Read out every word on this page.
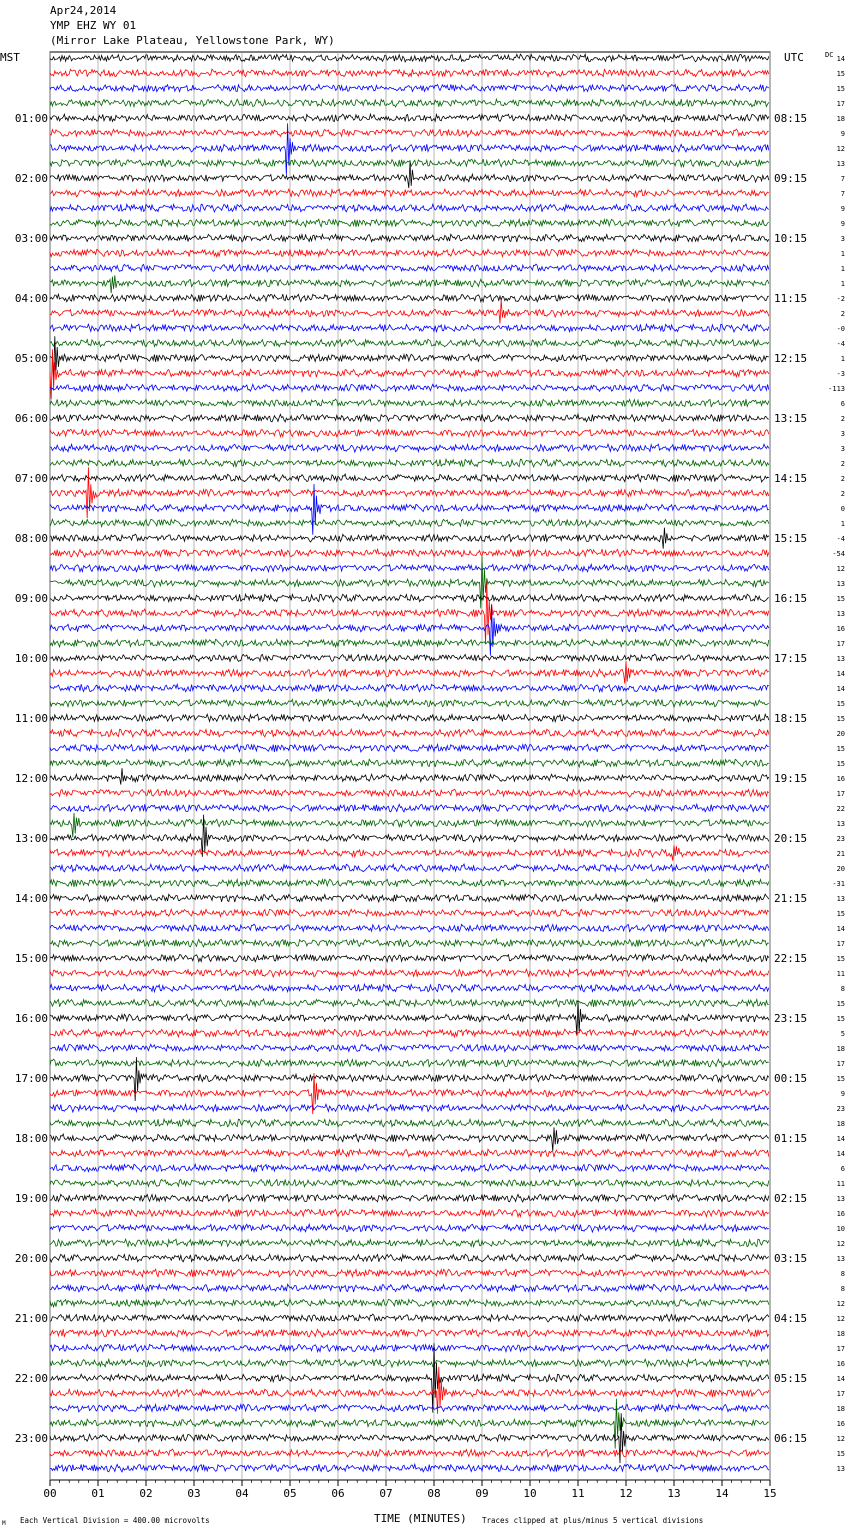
00	01	02	03	04	05	06	07	08	09	10	11	12	13	14	15
14
15
15
17
18
9
12
13
7
7
9
9
3
1
1
1
-2
2
-0
-4
1
-3
-113
6
2
3
3
2
2
2
0
1
-4
-54
12
13
15
13
16
17
13
14
14
15
15
20
15
15
16
17
22
13
23
21
20
-31
13
15
14
17
15
11
8
15
15
5
18
17
15
9
23
18
14
14
6
11
13
16
10
12
13
8
8
12
12
18
17
16
14
17
18
16
12
15
13
01:00	08:15
02:00	09:15
03:00	10:15
04:00	11:15
05:00	12:15
06:00	13:15
07:00	14:15
08:00	15:15
09:00	16:15
10:00	17:15
11:00	18:15
12:00	19:15
13:00	20:15
14:00	21:15
15:00	22:15
16:00	23:15
17:00	00:15
18:00	01:15
19:00	02:15
20:00	03:15
21:00	04:15
22:00	05:15
23:00	06:15
MST	UTC	DC
TIME (MINUTES)
Each Vertical Division = 400.00 microvolts	Traces clipped at plus/minus 5 vertical divisions
M
Apr24,2014
YMP EHZ WY 01
(Mirror Lake Plateau, Yellowstone Park, WY)
